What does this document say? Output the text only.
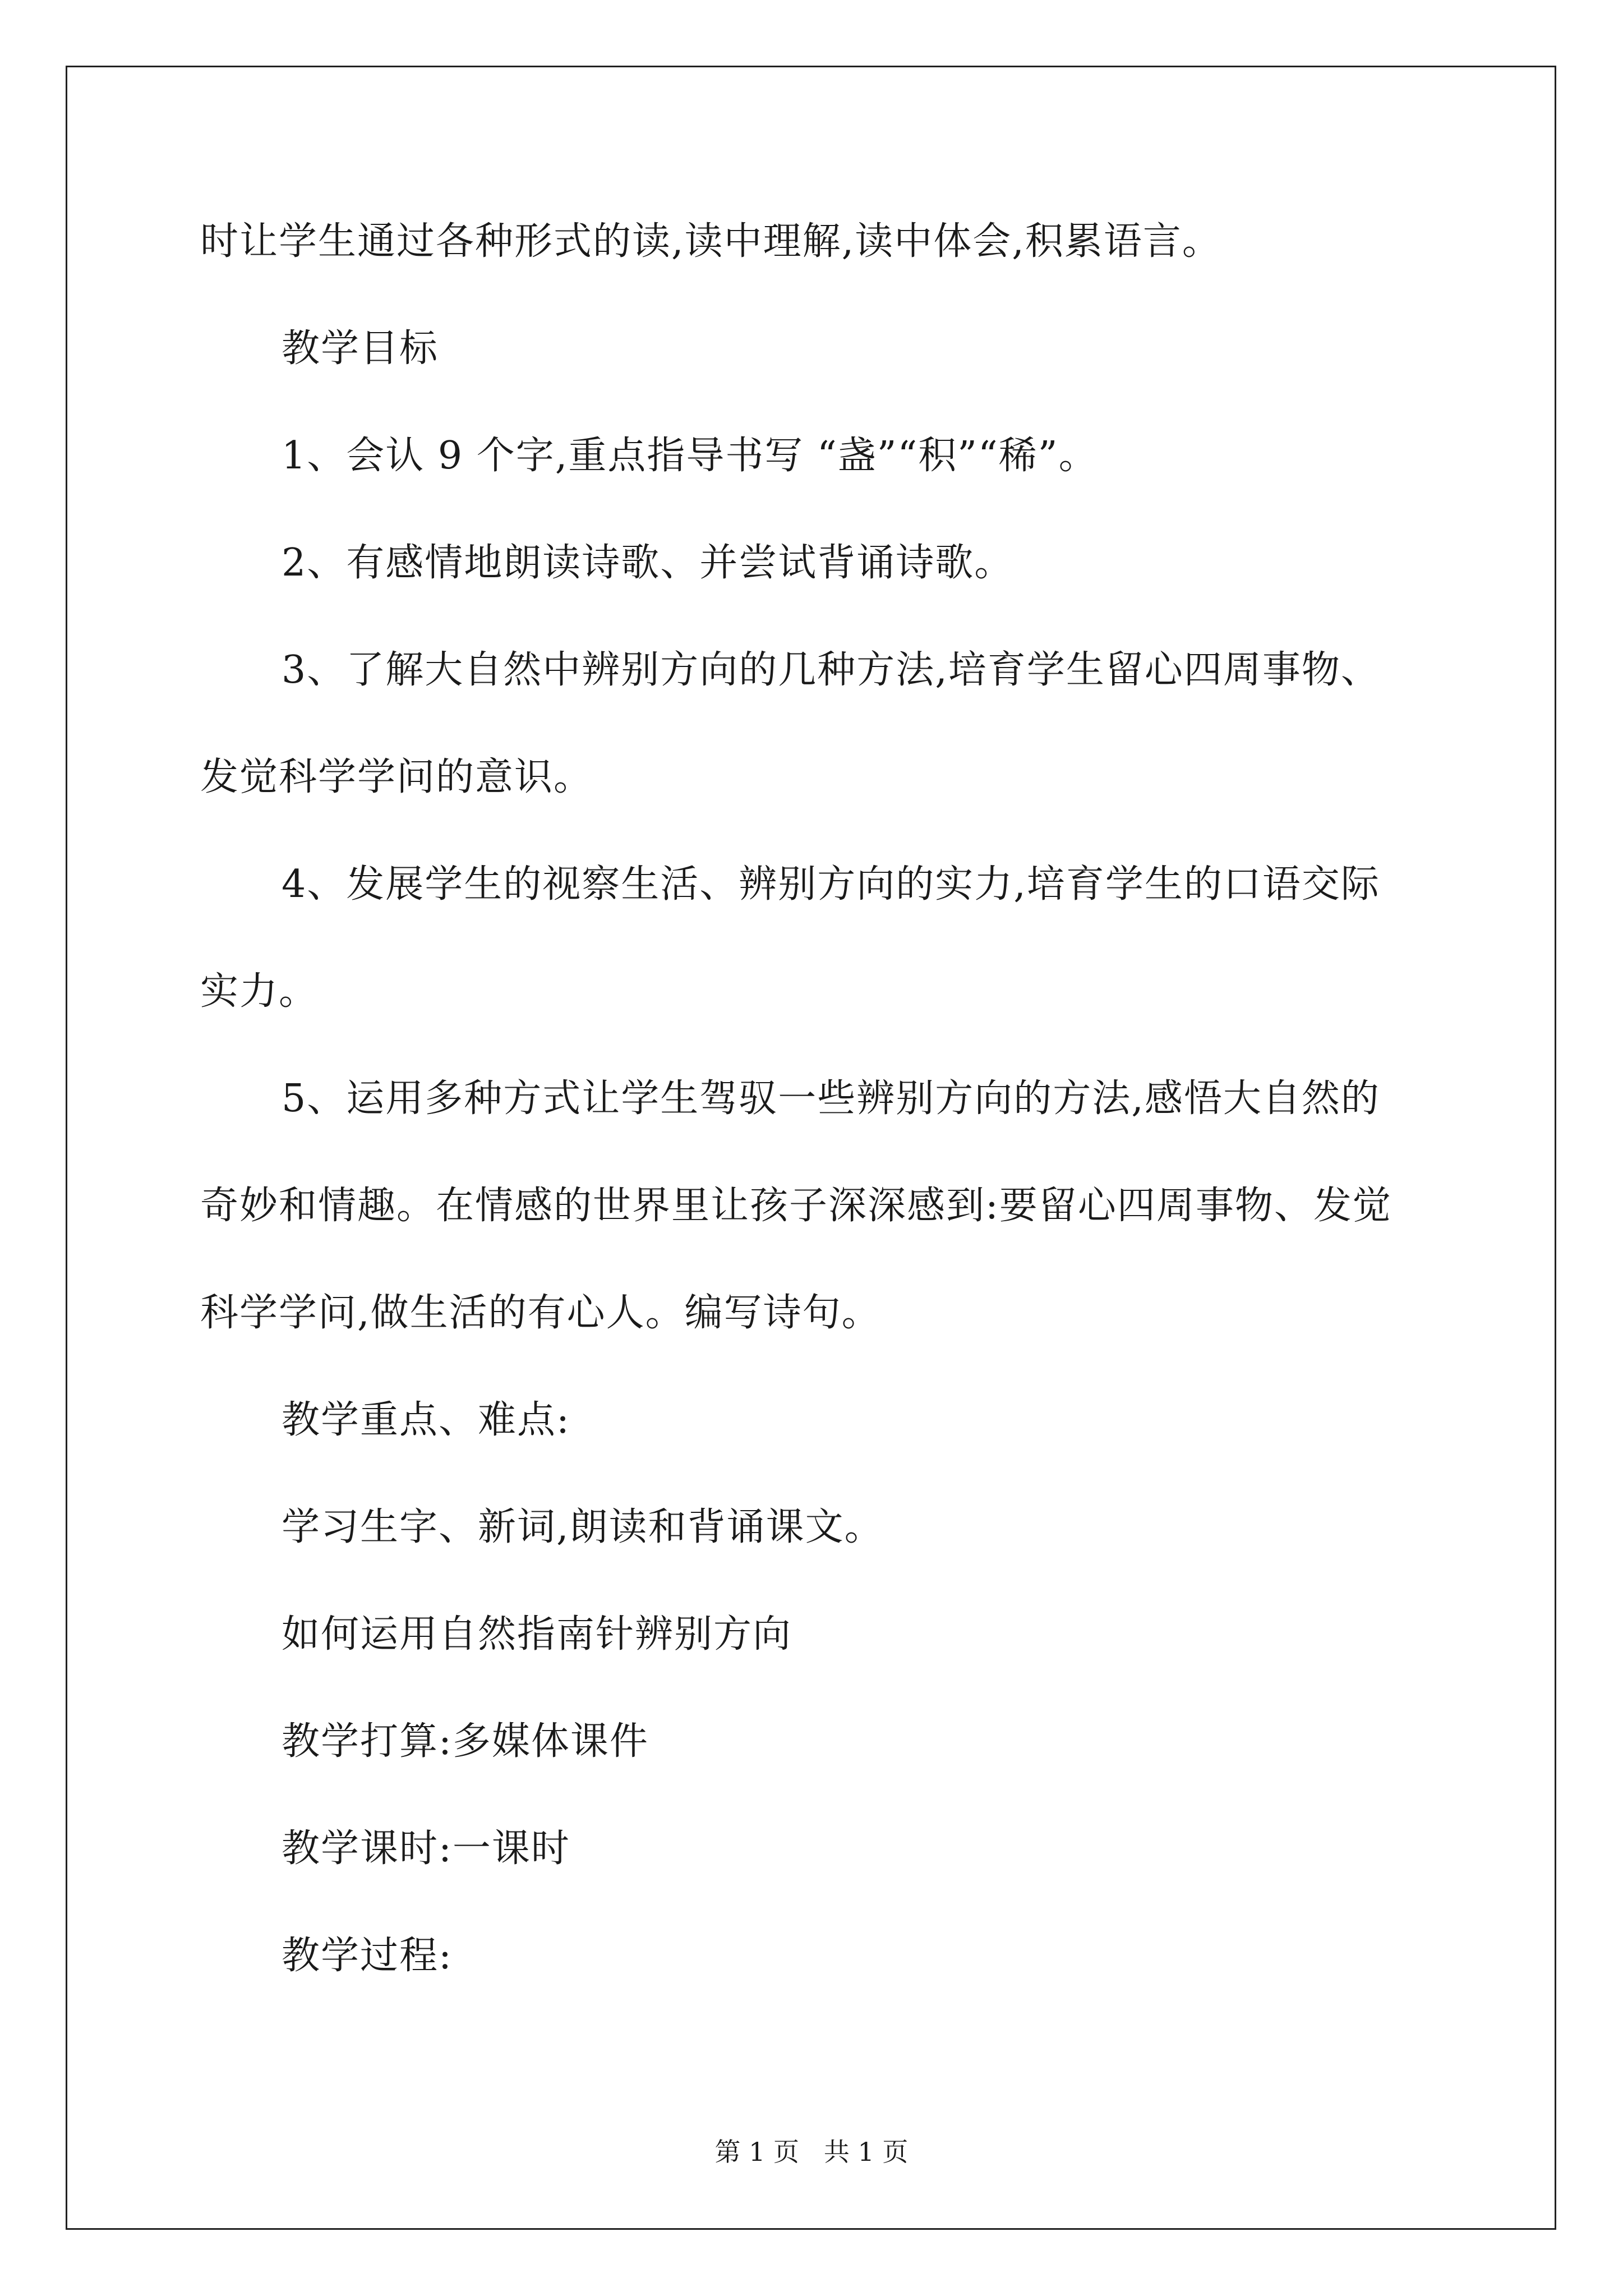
时让学生通过各种形式的读,读中理解,读中体会,积累语言。
教学目标
1、会认 9 个字,重点指导书写 “盏”“积”“稀”。
2、有感情地朗读诗歌、并尝试背诵诗歌。
3、了解大自然中辨别方向的几种方法,培育学生留心四周事物、
发觉科学学问的意识。
4、发展学生的视察生活、辨别方向的实力,培育学生的口语交际
实力。
5、运用多种方式让学生驾驭一些辨别方向的方法,感悟大自然的
奇妙和情趣。在情感的世界里让孩子深深感到:要留心四周事物、发觉
科学学问,做生活的有心人。编写诗句。
教学重点、难点:
学习生字、新词,朗读和背诵课文。
如何运用自然指南针辨别方向
教学打算:多媒体课件
教学课时:一课时
教学过程:
第 1 页   共 1 页
